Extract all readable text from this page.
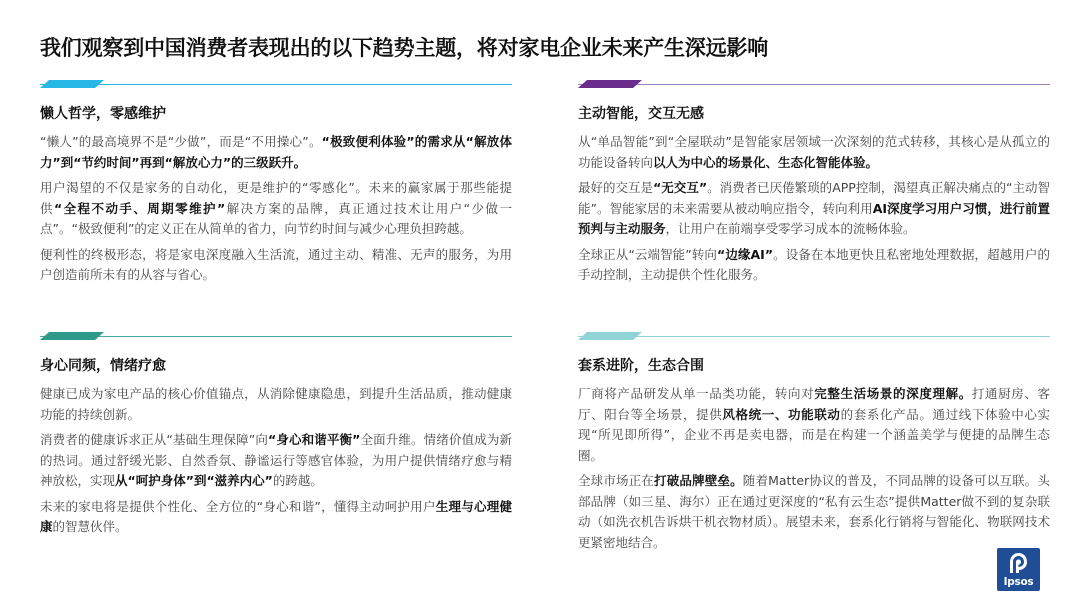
我们观察到中国消费者表现出的以下趋势主题，将对家电企业未来产生深远影响
懒人哲学，零感维护

“懒人”的最高境界不是“少做”，而是“不用操心”。“极致便利体验”的需求从“解放体力”到“节约时间”再到“解放心力”的三级跃升。

用户渴望的不仅是家务的自动化，更是维护的“零感化”。未来的赢家属于那些能提供“全程不动手、周期零维护”解决方案的品牌，真正通过技术让用户“少做一点”。“极致便利”的定义正在从简单的省力，向节约时间与减少心理负担跨越。

便利性的终极形态，将是家电深度融入生活流，通过主动、精准、无声的服务，为用户创造前所未有的从容与省心。

主动智能，交互无感

从“单品智能”到“全屋联动”是智能家居领域一次深刻的范式转移，其核心是从孤立的功能设备转向以人为中心的场景化、生态化智能体验。

最好的交互是“无交互”。消费者已厌倦繁琐的APP控制，渴望真正解决痛点的“主动智能”。智能家居的未来需要从被动响应指令，转向利用AI深度学习用户习惯，进行前置预判与主动服务，让用户在前端享受零学习成本的流畅体验。

全球正从“云端智能”转向“边缘AI”。设备在本地更快且私密地处理数据，超越用户的手动控制，主动提供个性化服务。

身心同频，情绪疗愈

健康已成为家电产品的核心价值锚点，从消除健康隐患，到提升生活品质，推动健康功能的持续创新。

消费者的健康诉求正从“基础生理保障”向“身心和谐平衡”全面升维。情绪价值成为新的热词。通过舒缓光影、自然香氛、静谧运行等感官体验，为用户提供情绪疗愈与精神放松，实现从“呵护身体”到“滋养内心”的跨越。

未来的家电将是提供个性化、全方位的“身心和谐”，懂得主动呵护用户生理与心理健康的智慧伙伴。

套系进阶，生态合围

厂商将产品研发从单一品类功能，转向对完整生活场景的深度理解。打通厨房、客厅、阳台等全场景，提供风格统一、功能联动的套系化产品。通过线下体验中心实现“所见即所得”，企业不再是卖电器，而是在构建一个涵盖美学与便捷的品牌生态圈。

全球市场正在打破品牌壁垒。随着Matter协议的普及，不同品牌的设备可以互联。头部品牌（如三星、海尔）正在通过更深度的“私有云生态”提供Matter做不到的复杂联动（如洗衣机告诉烘干机衣物材质）。展望未来，套系化行销将与智能化、物联网技术更紧密地结合。

Ipsos
